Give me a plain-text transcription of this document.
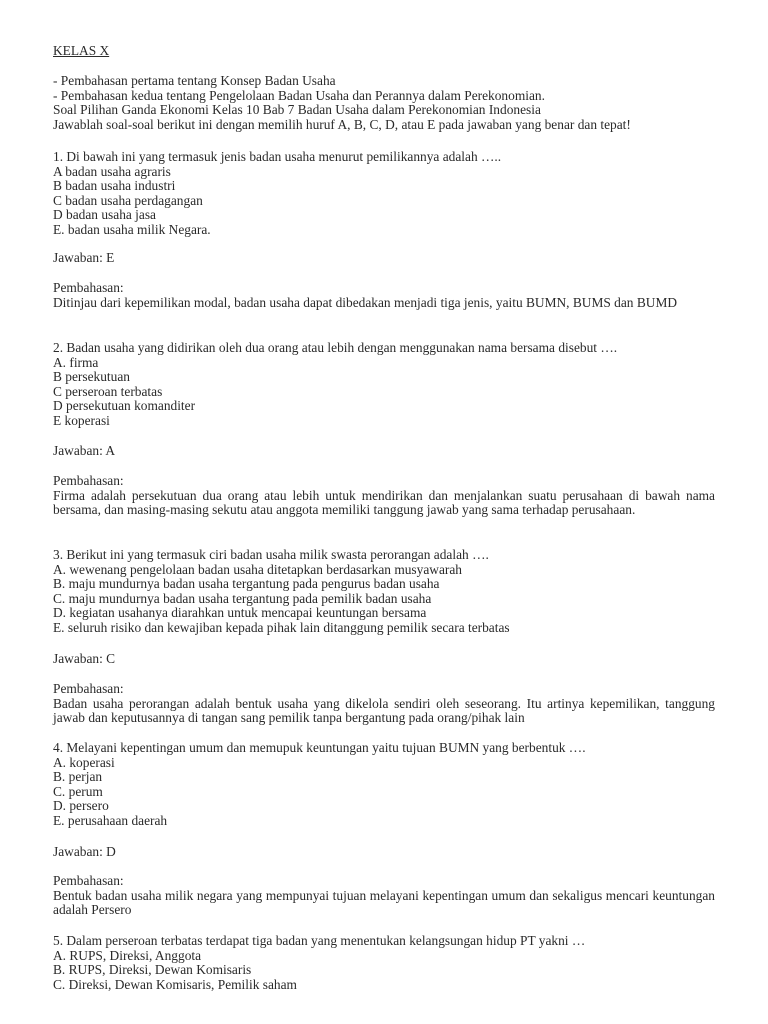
KELAS X
- Pembahasan pertama tentang Konsep Badan Usaha
- Pembahasan kedua tentang Pengelolaan Badan Usaha dan Perannya dalam Perekonomian.
Soal Pilihan Ganda Ekonomi Kelas 10 Bab 7 Badan Usaha dalam Perekonomian Indonesia
Jawablah soal-soal berikut ini dengan memilih huruf A, B, C, D, atau E pada jawaban yang benar dan tepat!
1. Di bawah ini yang termasuk jenis badan usaha menurut pemilikannya adalah …..
A badan usaha agraris
B badan usaha industri
C badan usaha perdagangan
D badan usaha jasa
E. badan usaha milik Negara.
Jawaban: E
Pembahasan:
Ditinjau dari kepemilikan modal, badan usaha dapat dibedakan menjadi tiga jenis, yaitu BUMN, BUMS dan BUMD
2. Badan usaha yang didirikan oleh dua orang atau lebih dengan menggunakan nama bersama disebut ….
A. firma
B persekutuan
C perseroan terbatas
D persekutuan komanditer
E koperasi
Jawaban: A
Pembahasan:
Firma adalah persekutuan dua orang atau lebih untuk mendirikan dan menjalankan suatu perusahaan di bawah nama bersama, dan masing-masing sekutu atau anggota memiliki tanggung jawab yang sama terhadap perusahaan.
3. Berikut ini yang termasuk ciri badan usaha milik swasta perorangan adalah ….
A. wewenang pengelolaan badan usaha ditetapkan berdasarkan musyawarah
B. maju mundurnya badan usaha tergantung pada pengurus badan usaha
C. maju mundurnya badan usaha tergantung pada pemilik badan usaha
D. kegiatan usahanya diarahkan untuk mencapai keuntungan bersama
E. seluruh risiko dan kewajiban kepada pihak lain ditanggung pemilik secara terbatas
Jawaban: C
Pembahasan:
Badan usaha perorangan adalah bentuk usaha yang dikelola sendiri oleh seseorang. Itu artinya kepemilikan, tanggung jawab dan keputusannya di tangan sang pemilik tanpa bergantung pada orang/pihak lain
4. Melayani kepentingan umum dan memupuk keuntungan yaitu tujuan BUMN yang berbentuk ….
A. koperasi
B. perjan
C. perum
D. persero
E. perusahaan daerah
Jawaban: D
Pembahasan:
Bentuk badan usaha milik negara yang mempunyai tujuan melayani kepentingan umum dan sekaligus mencari keuntungan adalah Persero
5. Dalam perseroan terbatas terdapat tiga badan yang menentukan kelangsungan hidup PT yakni …
A. RUPS, Direksi, Anggota
B. RUPS, Direksi, Dewan Komisaris
C. Direksi, Dewan Komisaris, Pemilik saham
